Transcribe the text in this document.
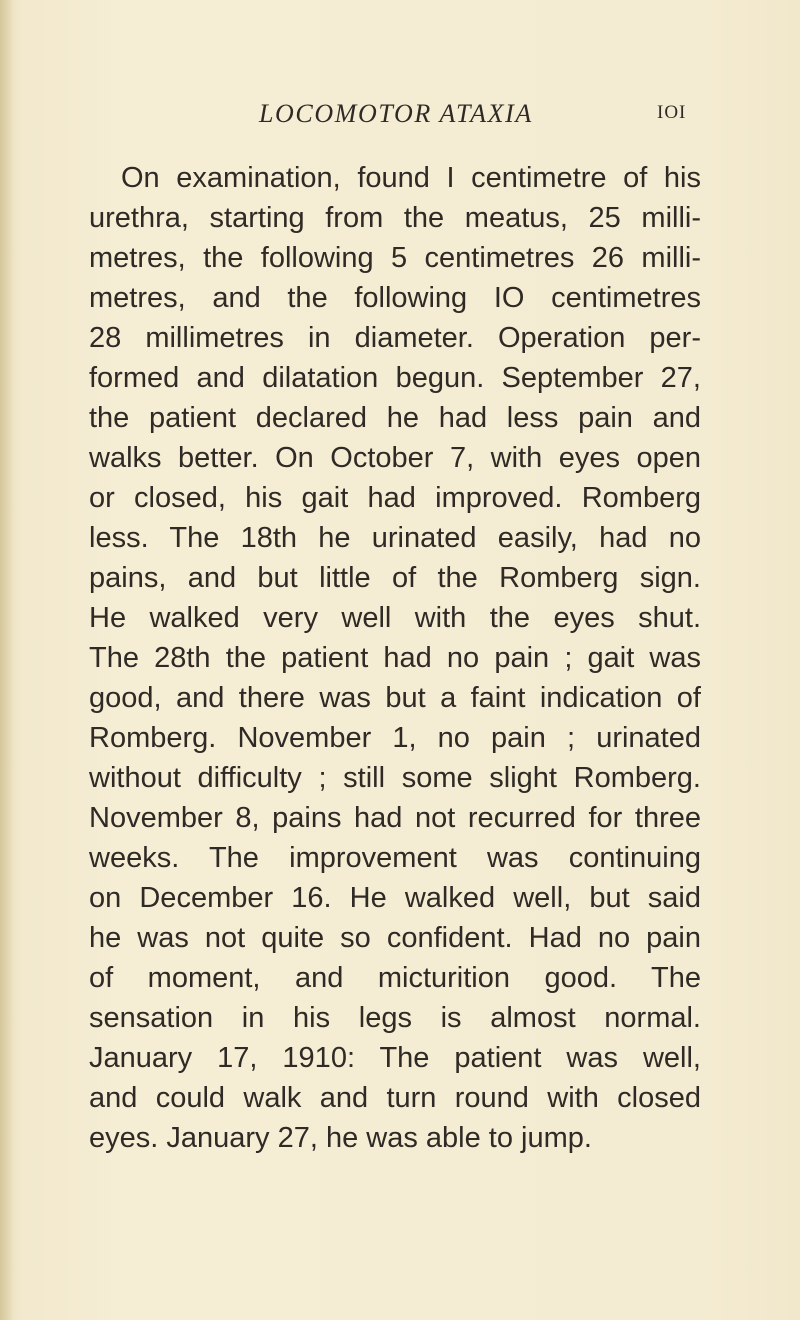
LOCOMOTOR ATAXIA	IOI
On examination, found I centimetre of his
urethra, starting from the meatus, 25 milli-
metres, the following 5 centimetres 26 milli-
metres, and the following IO centimetres
28 millimetres in diameter. Operation per-
formed and dilatation begun. September 27,
the patient declared he had less pain and
walks better. On October 7, with eyes open
or closed, his gait had improved. Romberg
less. The 18th he urinated easily, had no
pains, and but little of the Romberg sign.
He walked very well with the eyes shut.
The 28th the patient had no pain ; gait was
good, and there was but a faint indication of
Romberg. November 1, no pain ; urinated
without difficulty ; still some slight Romberg.
November 8, pains had not recurred for three
weeks. The improvement was continuing
on December 16. He walked well, but said
he was not quite so confident. Had no pain
of moment, and micturition good. The
sensation in his legs is almost normal.
January 17, 1910: The patient was well,
and could walk and turn round with closed
eyes. January 27, he was able to jump.
